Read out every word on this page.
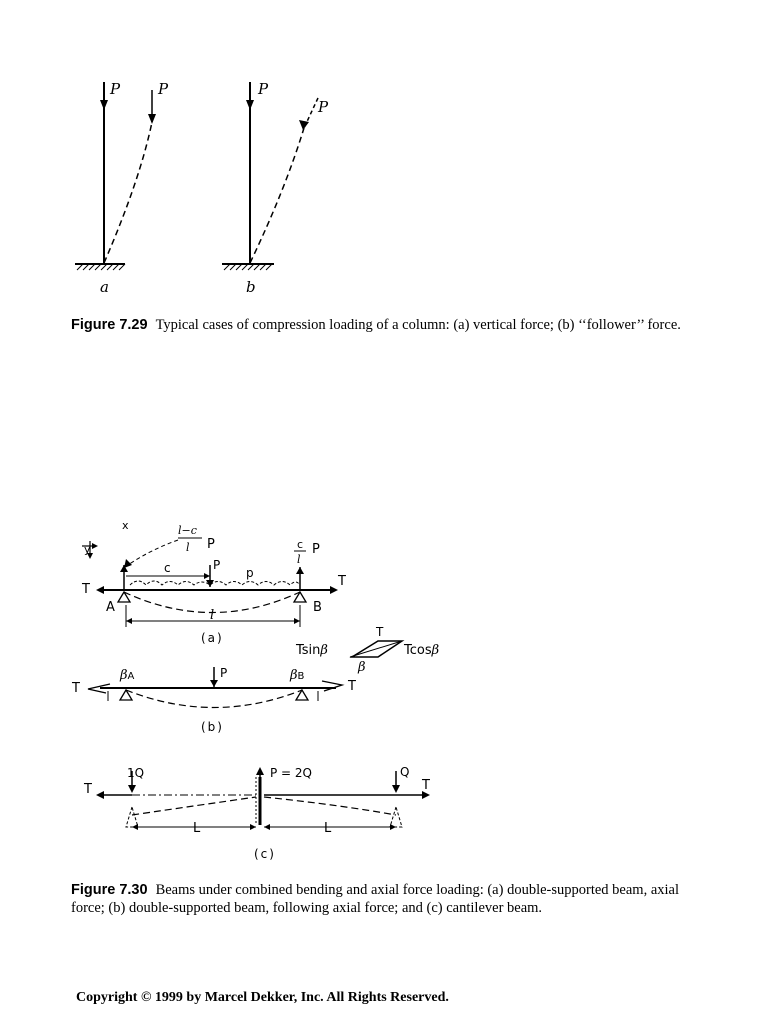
P	P
a
P
P
b
Figure 7.29 Typical cases of compression loading of a column: (a) vertical force; (b) ‘‘follower’’ force.
x
y
l−c
l P	c
l
P
T
T
c	P
p
A	B
l
(a)	T
Tsinβ	Tcosβ
β
T	T
βA	βB
P
(b)
1Q	P = 2Q	Q
T	T
L	L
(c)
Figure 7.30 Beams under combined bending and axial force loading: (a) double-supported beam, axial force; (b) double-supported beam, following axial force; and (c) cantilever beam.
Copyright © 1999 by Marcel Dekker, Inc. All Rights Reserved.
